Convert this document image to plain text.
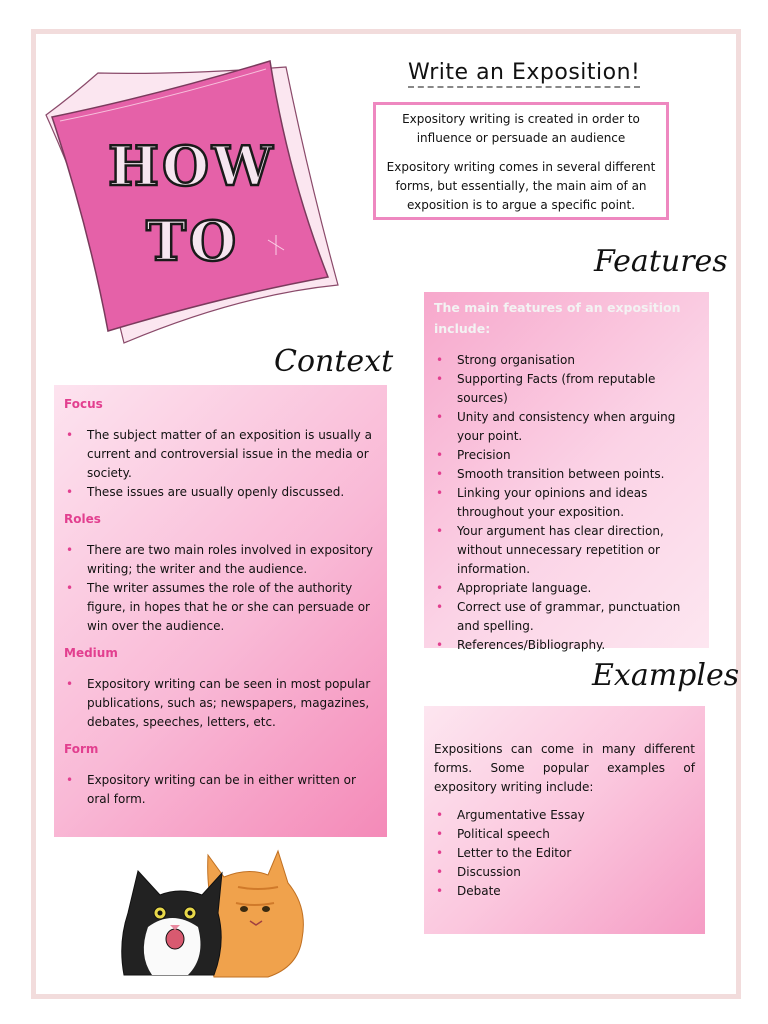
HOW
TO
Write an Exposition!

Expository writing is created in order to influence or persuade an audience

Expository writing comes in several different forms, but essentially, the main aim of an exposition is to argue a specific point.

Features
Context
Examples
Focus
• The subject matter of an exposition is usually a current and controversial issue in the media or society.
• These issues are usually openly discussed.
Roles
• There are two main roles involved in expository writing; the writer and the audience.
• The writer assumes the role of the authority figure, in hopes that he or she can persuade or win over the audience.
Medium
• Expository writing can be seen in most popular publications, such as; newspapers, magazines, debates, speeches, letters, etc.
Form
• Expository writing can be in either written or oral form.
The main features of an exposition include:
• Strong organisation
• Supporting Facts (from reputable sources)
• Unity and consistency when arguing your point.
• Precision
• Smooth transition between points.
• Linking your opinions and ideas throughout your exposition.
• Your argument has clear direction, without unnecessary repetition or information.
• Appropriate language.
• Correct use of grammar, punctuation and spelling.
• References/Bibliography.

Expositions can come in many different forms. Some popular examples of expository writing include:

• Argumentative Essay
• Political speech
• Letter to the Editor
• Discussion
• Debate
